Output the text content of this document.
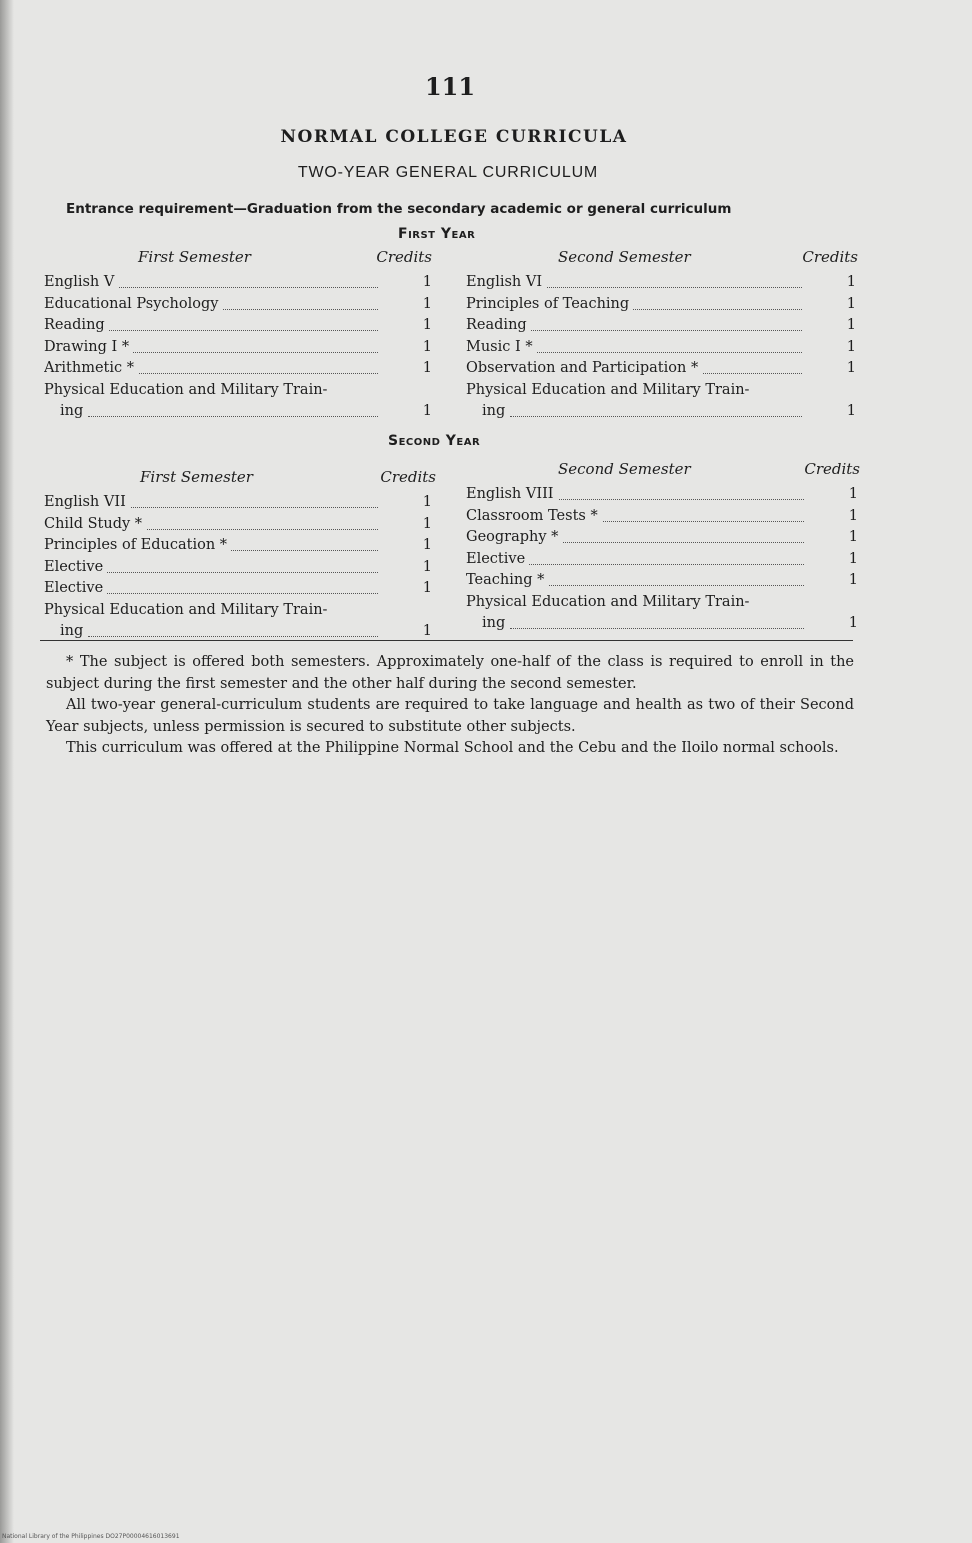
111
NORMAL COLLEGE CURRICULA
TWO-YEAR GENERAL CURRICULUM
Entrance requirement—Graduation from the secondary academic or general curriculum
First Year
First Semester	Credits
English V	1
Educational Psychology	1
Reading	1
Drawing I *	1
Arithmetic *	1
Physical Education and Military Train-
ing	1
Second Semester	Credits
English VI	1
Principles of Teaching	1
Reading	1
Music I *	1
Observation and Participation *	1
Physical Education and Military Train-
ing	1
Second Year
First Semester	Credits
English VII	1
Child Study *	1
Principles of Education *	1
Elective	1
Elective	1
Physical Education and Military Train-
ing	1
Second Semester	Credits
English VIII	1
Classroom Tests *	1
Geography *	1
Elective	1
Teaching *	1
Physical Education and Military Train-
ing	1

* The subject is offered both semesters. Approximately one-half of the class is required to enroll in the subject during the first semester and the other half during the second semester.

All two-year general-curriculum students are required to take language and health as two of their Second Year subjects, unless permission is secured to substitute other subjects.

This curriculum was offered at the Philippine Normal School and the Cebu and the Iloilo normal schools.

National Library of the Philippines DO27P00004616013691
